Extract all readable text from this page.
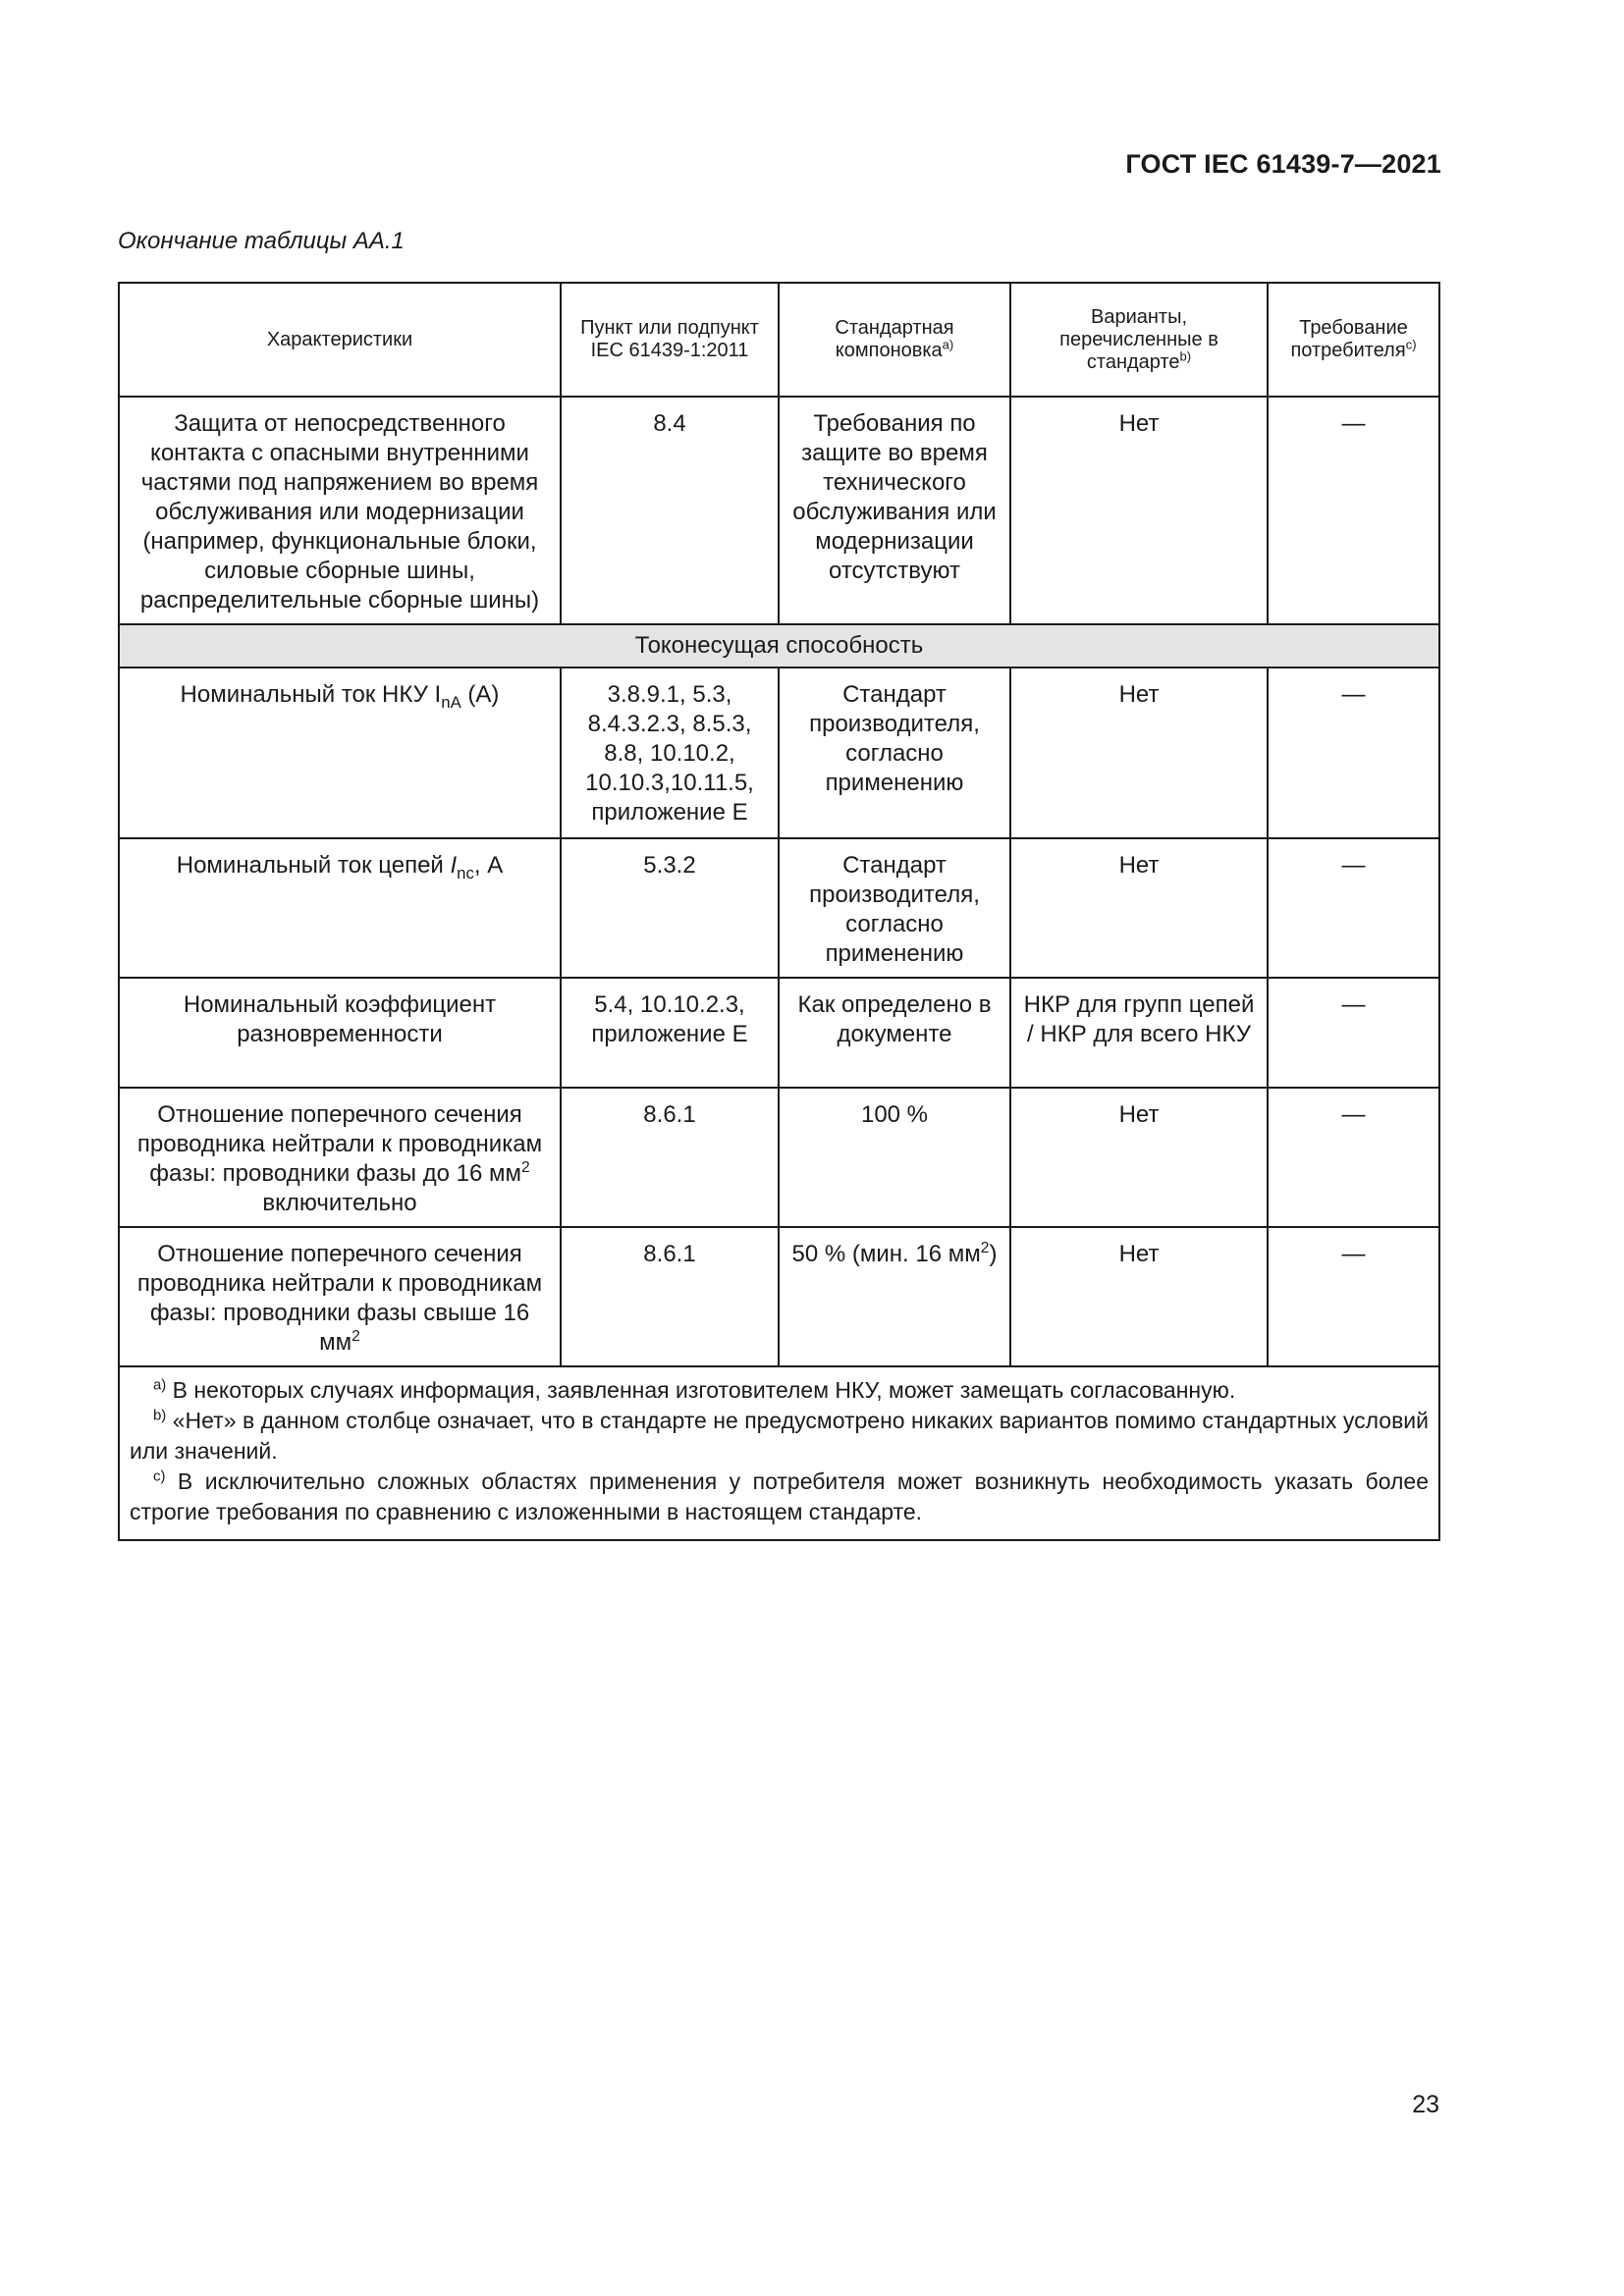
ГОСТ IEC 61439-7—2021
Окончание таблицы AA.1
Характеристики	Пункт или подпункт IEC 61439-1:2011	Стандартная компоновка$^{a)}$	Варианты, перечисленные в стандарте$^{b)}$	Требование потребителя$^{c)}$
Защита от непосредственного контакта с опасными внутренними частями под напряжением во время обслуживания или модернизации (например, функциональные блоки, силовые сборные шины, распределительные сборные шины)	8.4	Требования по защите во время технического обслуживания или модернизации отсутствуют	Нет	—
Токонесущая способность				
Номинальный ток НКУ $I_{nA}$ (А)	3.8.9.1, 5.3, 8.4.3.2.3, 8.5.3, 8.8, 10.10.2, 10.10.3,10.11.5, приложение E	Стандарт производителя, согласно применению	Нет	—
Номинальный ток цепей $I_{nc}$, А	5.3.2	Стандарт производителя, согласно применению	Нет	—
Номинальный коэффициент разновременности	5.4, 10.10.2.3, приложение E	Как определено в документе	НКР для групп цепей / НКР для всего НКУ	—
Отношение поперечного сечения проводника нейтрали к проводникам фазы: проводники фазы до 16 $мм^2$ включительно	8.6.1	100 %	Нет	—
Отношение поперечного сечения проводника нейтрали к проводникам фазы: проводники фазы свыше 16 $мм^2$	8.6.1	50 % (мин. 16 $мм^2$)	Нет	—

$^{a)}$ В некоторых случаях информация, заявленная изготовителем НКУ, может замещать согласованную.

$^{b)}$ «Нет» в данном столбце означает, что в стандарте не предусмотрено никаких вариантов помимо стандартных условий или значений.

$^{c)}$ В исключительно сложных областях применения у потребителя может возникнуть необходимость указать более строгие требования по сравнению с изложенными в настоящем стандарте.				

23
